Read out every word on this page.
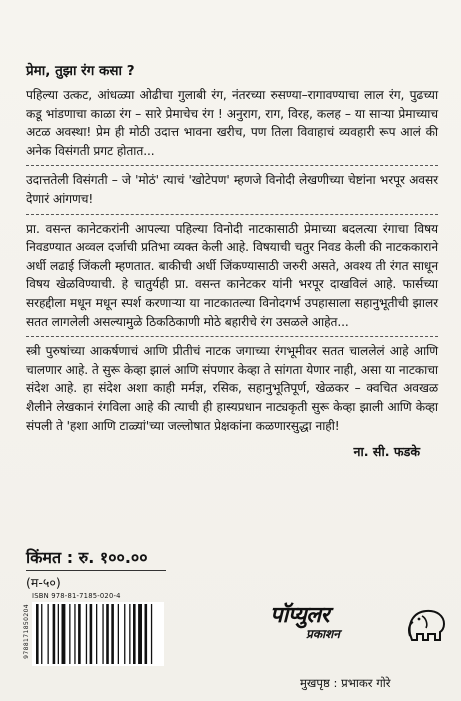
प्रेमा, तुझा रंग कसा ?

पहिल्या उत्कट, आंधळ्या ओढीचा गुलाबी रंग, नंतरच्या रुसण्या–रागावण्याचा लाल रंग, पुढच्या कडू भांडणाचा काळा रंग – सारे प्रेमाचेच रंग ! अनुराग, राग, विरह, कलह – या साऱ्या प्रेमाच्याच अटळ अवस्था! प्रेम ही मोठी उदात्त भावना खरीच, पण तिला विवाहाचं व्यवहारी रूप आलं की अनेक विसंगती प्रगट होतात...

उदात्ततेली विसंगती – जे 'मोठं' त्याचं 'खोटेपण' म्हणजे विनोदी लेखणीच्या चेष्टांना भरपूर अवसर देणारं आंगणच!

प्रा. वसन्त कानेटकरांनी आपल्या पहिल्या विनोदी नाटकासाठी प्रेमाच्या बदलत्या रंगाचा विषय निवडण्यात अव्वल दर्जाची प्रतिभा व्यक्त केली आहे. विषयाची चतुर निवड केली की नाटककाराने अर्धी लढाई जिंकली म्हणतात. बाकीची अर्धी जिंकण्यासाठी जरुरी असते, अवश्य ती रंगत साधून विषय खेळविण्याची. हे चातुर्यही प्रा. वसन्त कानेटकर यांनी भरपूर दाखविलं आहे. फार्सच्या सरहद्दीला मधून मधून स्पर्श करणाऱ्या या नाटकातल्या विनोदगर्भ उपहासाला सहानुभूतीची झालर सतत लागलेली असल्यामुळे ठिकठिकाणी मोठे बहारीचे रंग उसळले आहेत...

स्त्री पुरुषांच्या आकर्षणाचं आणि प्रीतीचं नाटक जगाच्या रंगभूमीवर सतत चाललेलं आहे आणि चालणार आहे. ते सुरू केव्हा झालं आणि संपणार केव्हा ते सांगता येणार नाही, असा या नाटकाचा संदेश आहे. हा संदेश अशा काही मर्मज्ञ, रसिक, सहानुभूतिपूर्ण, खेळकर – क्वचित अवखळ शैलीने लेखकानं रंगविला आहे की त्याची ही हास्यप्रधान नाट्यकृती सुरू केव्हा झाली आणि केव्हा संपली ते 'हशा आणि टाळ्यां'च्या जल्लोषात प्रेक्षकांना कळणारसुद्धा नाही!

ना. सी. फडके
किंमत : रु. १००.००
(म-५०)
ISBN 978-81-7185-020-4
9788171850204	पॉप्युलर
प्रकाशन
मुखपृष्ठ : प्रभाकर गोरे
